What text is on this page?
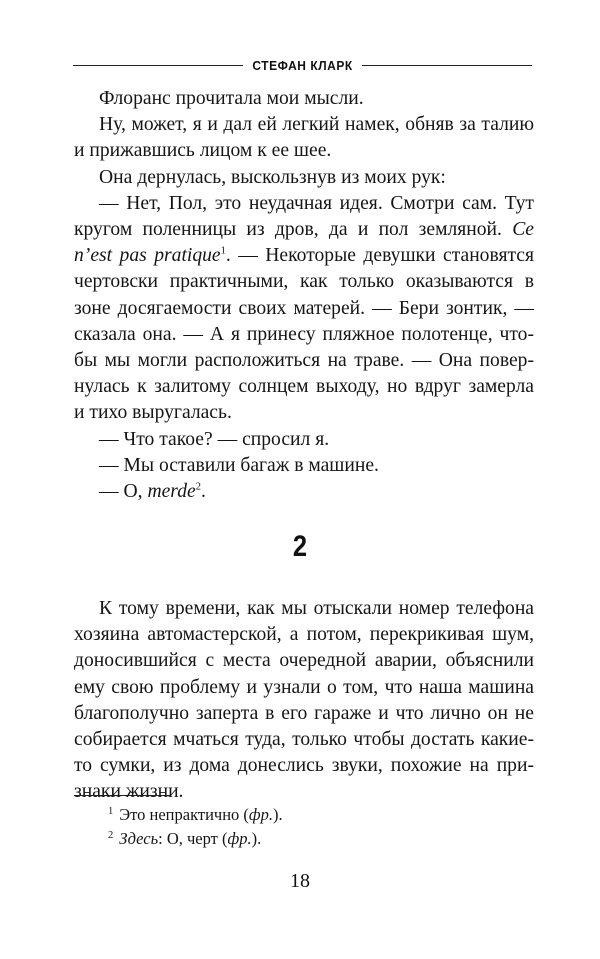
СТЕФАН КЛАРК

Флоранс прочитала мои мысли.

Ну, может, я и дал ей легкий намек, обняв за талию
и прижавшись лицом к ее шее.

Она дернулась, выскользнув из моих рук:

— Нет, Пол, это неудачная идея. Смотри сам. Тут
кругом поленницы из дров, да и пол земляной. Ce
n’est pas pratique$^1$. — Некоторые девушки становятся
чертовски практичными, как только оказываются в
зоне досягаемости своих матерей. — Бери зонтик, —
сказала она. — А я принесу пляжное полотенце, что-
бы мы могли расположиться на траве. — Она повер-
нулась к залитому солнцем выходу, но вдруг замерла
и тихо выругалась.

— Что такое? — спросил я.

— Мы оставили багаж в машине.

— О, merde$^2$.

2

К тому времени, как мы отыскали номер телефона
хозяина автомастерской, а потом, перекрикивая шум,
доносившийся с места очередной аварии, объяснили
ему свою проблему и узнали о том, что наша машина
благополучно заперта в его гараже и что лично он не
собирается мчаться туда, только чтобы достать какие-
то сумки, из дома донеслись звуки, похожие на при-
знаки жизни.

$^1$ Это непрактично (фр.).
$^2$ Здесь: О, черт (фр.).
18
